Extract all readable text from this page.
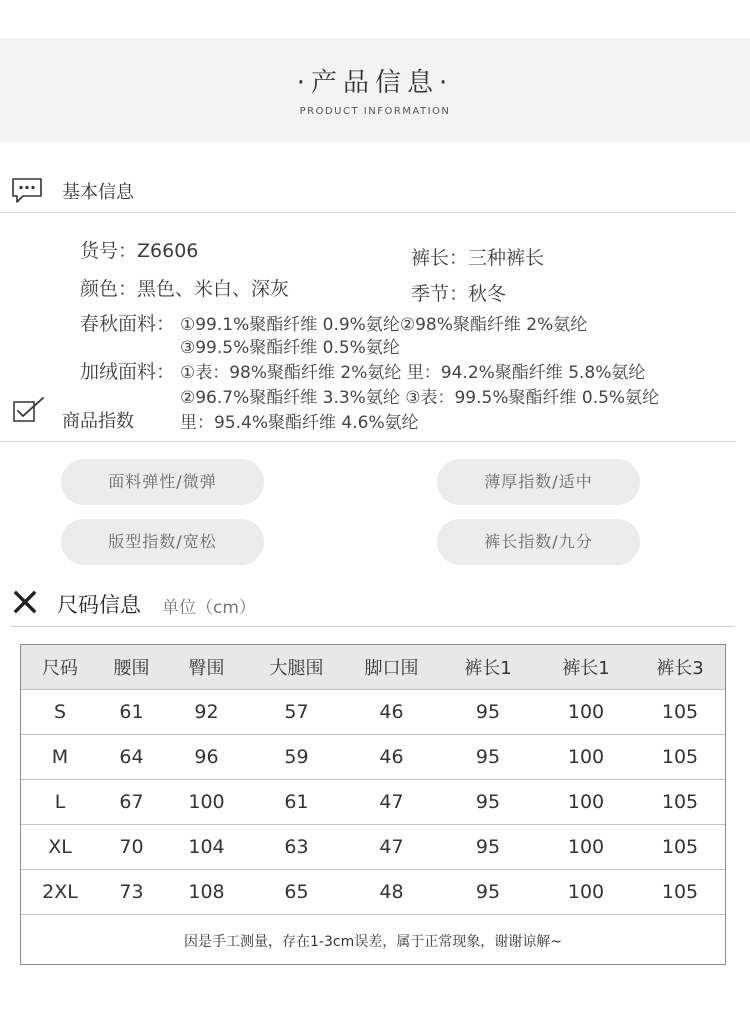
·产品信息·
PRODUCT INFORMATION
基本信息
货号：Z6606	裤长：三种裤长
颜色：黑色、米白、深灰	季节：秋冬
春秋面料： ①99.1%聚酯纤维 0.9%氨纶②98%聚酯纤维 2%氨纶
③99.5%聚酯纤维 0.5%氨纶
加绒面料： ①表：98%聚酯纤维 2%氨纶 里：94.2%聚酯纤维 5.8%氨纶
②96.7%聚酯纤维 3.3%氨纶 ③表：99.5%聚酯纤维 0.5%氨纶
里：95.4%聚酯纤维 4.6%氨纶
商品指数
面料弹性/微弹	薄厚指数/适中
版型指数/宽松	裤长指数/九分
尺码信息 单位（cm）
尺码	腰围	臀围	大腿围	脚口围	裤长1	裤长1	裤长3
S	61	92	57	46	95	100	105
M	64	96	59	46	95	100	105
L	67	100	61	47	95	100	105
XL	70	104	63	47	95	100	105
2XL	73	108	65	48	95	100	105
因是手工测量，存在1-3cm误差，属于正常现象，谢谢谅解~							
